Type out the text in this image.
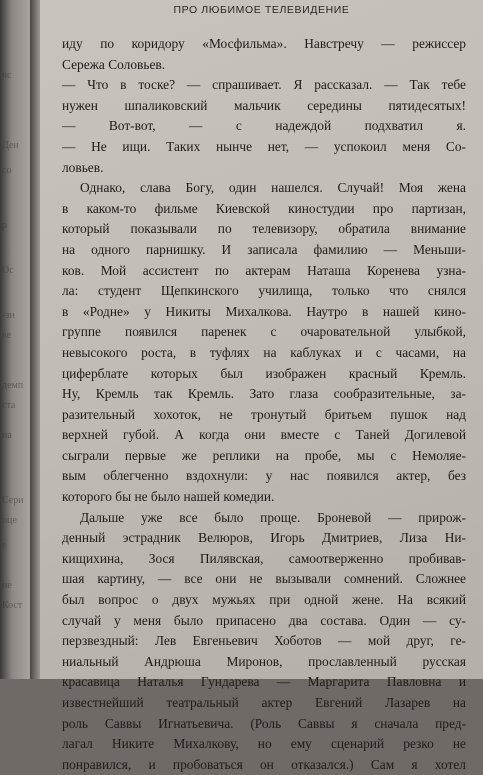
чс
Ден
со
р
Ос
-зи
ве
демп
ста
на
Сери
оце
е
не
Кост
ПРО ЛЮБИМОЕ ТЕЛЕВИДЕНИЕ
иду по коридору «Мосфильма». Навстречу — режиссер
Сережа Соловьев.
— Что в тоске? — спрашивает. Я рассказал. — Так тебе
нужен шпаликовский мальчик середины пятидесятых!
— Вот-вот, — с надеждой подхватил я.
— Не ищи. Таких нынче нет, — успокоил меня Со-
ловьев.
Однако, слава Богу, один нашелся. Случай! Моя жена
в каком-то фильме Киевской киностудии про партизан,
который показывали по телевизору, обратила внимание
на одного парнишку. И записала фамилию — Меньши-
ков. Мой ассистент по актерам Наташа Коренева узна-
ла: студент Щепкинского училища, только что снялся
в «Родне» у Никиты Михалкова. Наутро в нашей кино-
группе появился паренек с очаровательной улыбкой,
невысокого роста, в туфлях на каблуках и с часами, на
циферблате которых был изображен красный Кремль.
Ну, Кремль так Кремль. Зато глаза сообразительные, за-
разительный хохоток, не тронутый бритьем пушок над
верхней губой. А когда они вместе с Таней Догилевой
сыграли первые же реплики на пробе, мы с Немоляе-
вым облегченно вздохнули: у нас появился актер, без
которого бы не было нашей комедии.
Дальше уже все было проще. Броневой — прирож-
денный эстрадник Велюров, Игорь Дмитриев, Лиза Ни-
кищихина, Зося Пилявская, самоотверженно пробивав-
шая картину, — все они не вызывали сомнений. Сложнее
был вопрос о двух мужьях при одной жене. На всякий
случай у меня было припасено два состава. Один — су-
перзвездный: Лев Евгеньевич Хоботов — мой друг, ге-
ниальный Андрюша Миронов, прославленный русская
красавица Наталья Гундарева — Маргарита Павловна и
известнейший театральный актер Евгений Лазарев на
роль Саввы Игнатьевича. (Роль Саввы я сначала пред-
лагал Никите Михалкову, но ему сценарий резко не
понравился, и пробоваться он отказался.) Сам я хотел
